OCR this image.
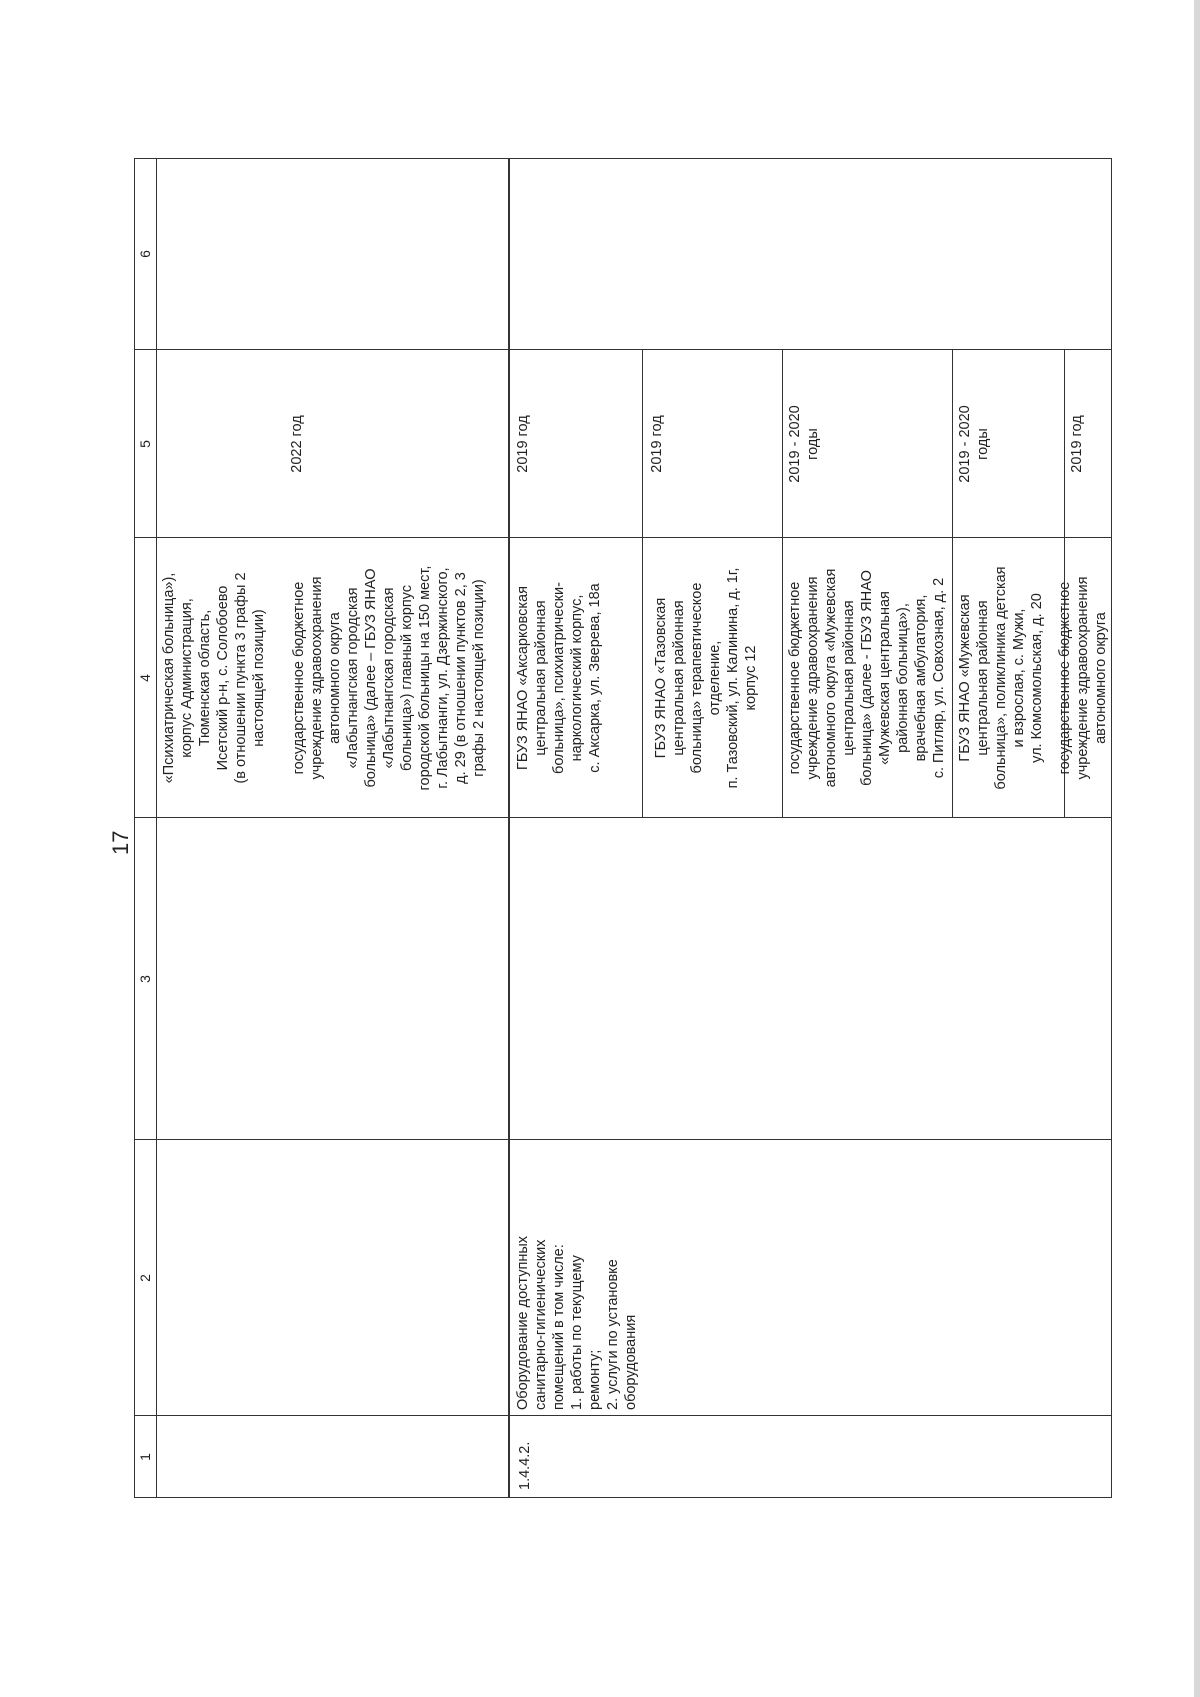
17
1
2
3
4
5
6
«Психиатрическая больница»),
корпус Администрация,
Тюменская область,
Исетский р-н, с. Солобоево
(в отношении пункта 3 графы 2
настоящей позиции)
государственное бюджетное
учреждение здравоохранения
автономного округа
«Лабытнангская городская
больница» (далее – ГБУЗ ЯНАО
«Лабытнангская городская
больница») главный корпус
городской больницы на 150 мест,
г. Лабытнанги, ул. Дзержинского,
д. 29 (в отношении пунктов 2, 3
графы 2 настоящей позиции)
2022 год
1.4.4.2.
Оборудование доступных
санитарно-гигиенических
помещений в том числе:
1. работы по текущему
ремонту;
2. услуги по установке
оборудования
ГБУЗ ЯНАО «Аксарковская
центральная районная
больница», психиатрически-
наркологический корпус,
с. Аксарка, ул. Зверева, 18а
2019 год
ГБУЗ ЯНАО «Тазовская
центральная районная
больница» терапевтическое
отделение,
п. Тазовский, ул. Калинина, д. 1г,
корпус 12
2019 год
государственное бюджетное
учреждение здравоохранения
автономного округа «Мужевская
центральная районная
больница» (далее - ГБУЗ ЯНАО
«Мужевская центральная
районная больница»),
врачебная амбулатория,
с. Питляр, ул. Совхозная, д. 2
2019 - 2020
годы
ГБУЗ ЯНАО «Мужевская
центральная районная
больница», поликлиника детская
и взрослая, с. Мужи,
ул. Комсомольская, д. 20
2019 - 2020
годы
государственное бюджетное
учреждение здравоохранения
автономного округа
2019 год
